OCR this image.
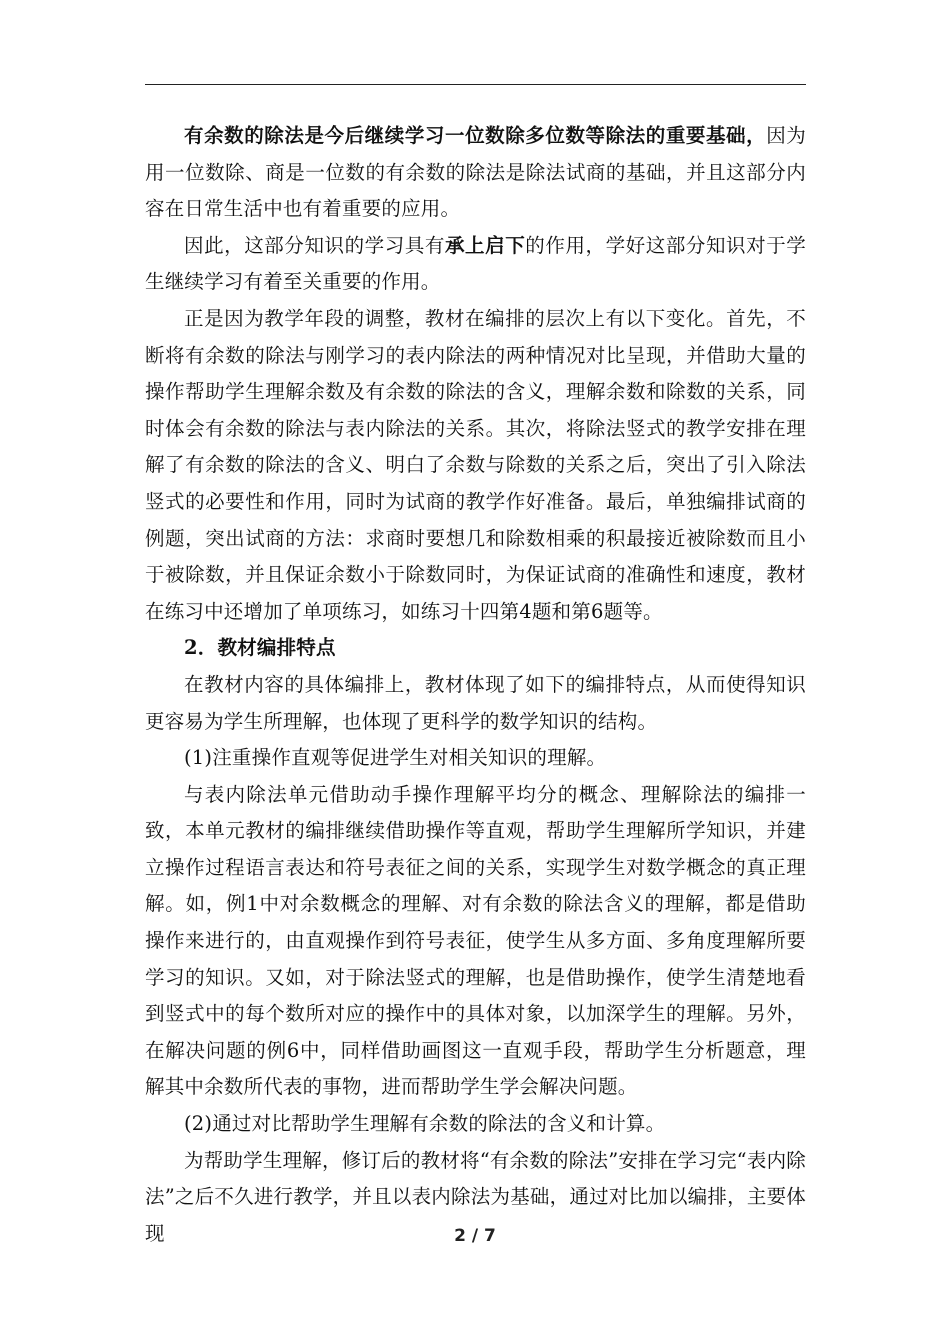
有余数的除法是今后继续学习一位数除多位数等除法的重要基础，因为用一位数除、商是一位数的有余数的除法是除法试商的基础，并且这部分内容在日常生活中也有着重要的应用。

因此，这部分知识的学习具有承上启下的作用，学好这部分知识对于学生继续学习有着至关重要的作用。

正是因为教学年段的调整，教材在编排的层次上有以下变化。首先，不断将有余数的除法与刚学习的表内除法的两种情况对比呈现，并借助大量的操作帮助学生理解余数及有余数的除法的含义，理解余数和除数的关系，同时体会有余数的除法与表内除法的关系。其次，将除法竖式的教学安排在理解了有余数的除法的含义、明白了余数与除数的关系之后，突出了引入除法竖式的必要性和作用，同时为试商的教学作好准备。最后，单独编排试商的例题，突出试商的方法：求商时要想几和除数相乘的积最接近被除数而且小于被除数，并且保证余数小于除数同时，为保证试商的准确性和速度，教材在练习中还增加了单项练习，如练习十四第4题和第6题等。

2．教材编排特点

在教材内容的具体编排上，教材体现了如下的编排特点，从而使得知识更容易为学生所理解，也体现了更科学的数学知识的结构。

(1)注重操作直观等促进学生对相关知识的理解。

与表内除法单元借助动手操作理解平均分的概念、理解除法的编排一致，本单元教材的编排继续借助操作等直观，帮助学生理解所学知识，并建立操作过程语言表达和符号表征之间的关系，实现学生对数学概念的真正理解。如，例1中对余数概念的理解、对有余数的除法含义的理解，都是借助操作来进行的，由直观操作到符号表征，使学生从多方面、多角度理解所要学习的知识。又如，对于除法竖式的理解，也是借助操作，使学生清楚地看到竖式中的每个数所对应的操作中的具体对象，以加深学生的理解。另外，在解决问题的例6中，同样借助画图这一直观手段，帮助学生分析题意，理解其中余数所代表的事物，进而帮助学生学会解决问题。

(2)通过对比帮助学生理解有余数的除法的含义和计算。

为帮助学生理解，修订后的教材将“有余数的除法”安排在学习完“表内除法”之后不久进行教学，并且以表内除法为基础，通过对比加以编排，主要体现	2 / 7
